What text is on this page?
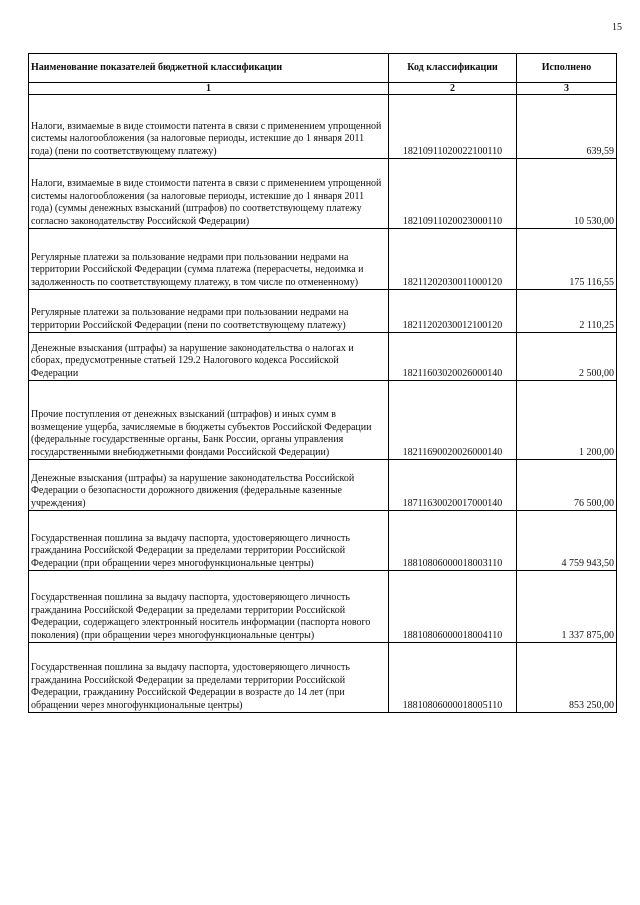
15
Наименование показателей бюджетной классификации	Код классификации	Исполнено
1	2	3
Налоги, взимаемые в виде стоимости патента в связи с применением упрощенной системы налогообложения (за налоговые периоды, истекшие до 1 января 2011 года) (пени по соответствующему платежу)	18210911020022100110	639,59
Налоги, взимаемые в виде стоимости патента в связи с применением упрощенной системы налогообложения (за налоговые периоды, истекшие до 1 января 2011 года) (суммы денежных взысканий (штрафов) по соответствующему платежу согласно законодательству Российской Федерации)	18210911020023000110	10 530,00
Регулярные платежи за пользование недрами при пользовании недрами на территории Российской Федерации (сумма платежа (перерасчеты, недоимка и задолженность по соответствующему платежу, в том числе по отмененному)	18211202030011000120	175 116,55
Регулярные платежи за пользование недрами при пользовании недрами на территории Российской Федерации (пени по соответствующему платежу)	18211202030012100120	2 110,25
Денежные взыскания (штрафы) за нарушение законодательства о налогах и сборах, предусмотренные статьей 129.2 Налогового кодекса Российской Федерации	18211603020026000140	2 500,00
Прочие поступления от денежных взысканий (штрафов) и иных сумм в возмещение ущерба, зачисляемые в бюджеты субъектов Российской Федерации (федеральные государственные органы, Банк России, органы управления государственными внебюджетными фондами Российской Федерации)	18211690020026000140	1 200,00
Денежные взыскания (штрафы) за нарушение законодательства Российской Федерации о безопасности дорожного движения (федеральные казенные учреждения)	18711630020017000140	76 500,00
Государственная пошлина за выдачу паспорта, удостоверяющего личность гражданина Российской Федерации за пределами территории Российской Федерации (при обращении через многофункциональные центры)	18810806000018003110	4 759 943,50
Государственная пошлина за выдачу паспорта, удостоверяющего личность гражданина Российской Федерации за пределами территории Российской Федерации, содержащего электронный носитель информации (паспорта нового поколения) (при обращении через многофункциональные центры)	18810806000018004110	1 337 875,00
Государственная пошлина за выдачу паспорта, удостоверяющего личность гражданина Российской Федерации за пределами территории Российской Федерации, гражданину Российской Федерации в возрасте до 14 лет (при обращении через многофункциональные центры)	18810806000018005110	853 250,00
